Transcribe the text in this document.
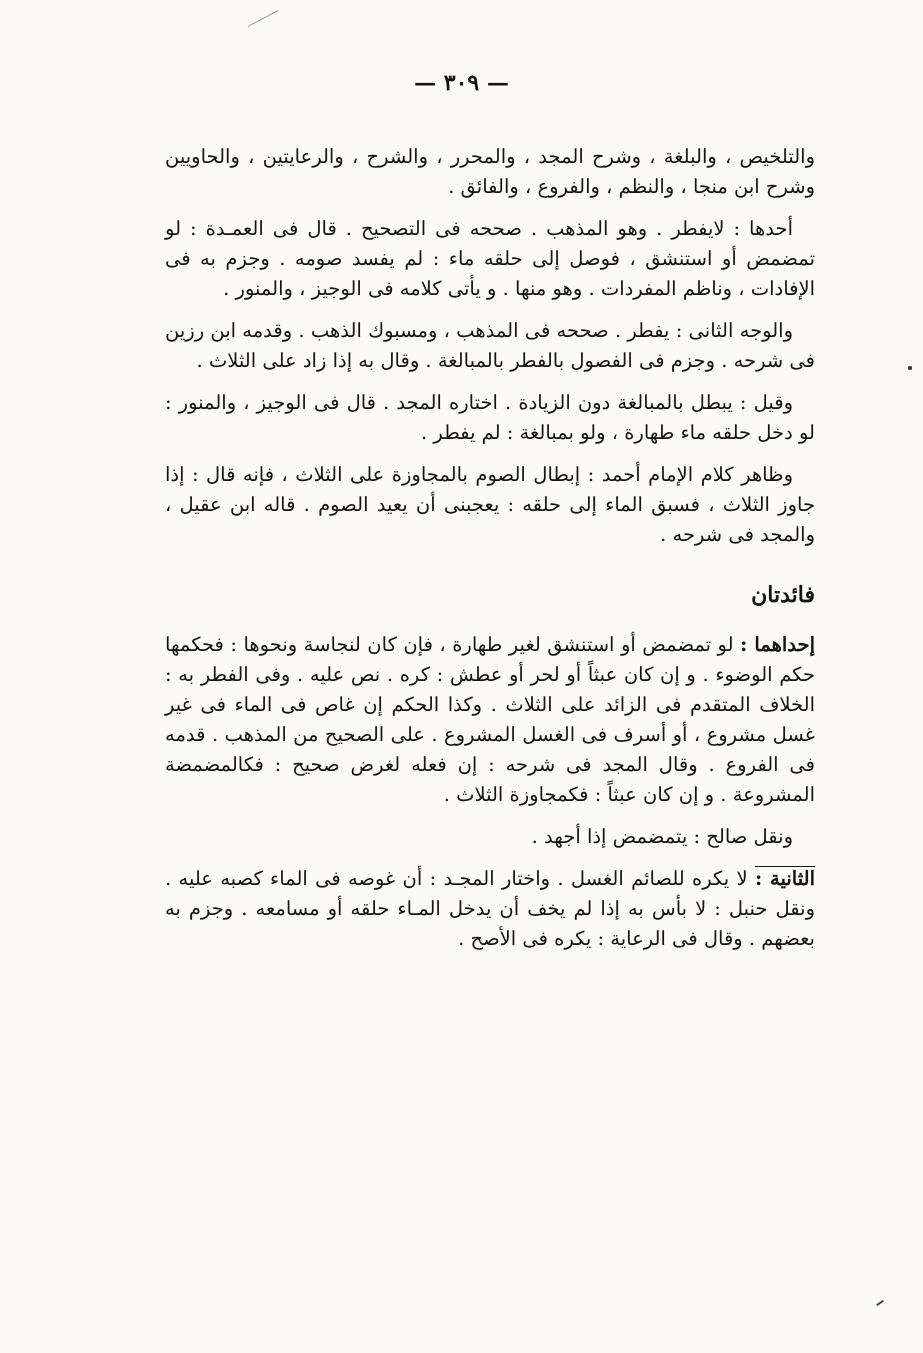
— ٣٠٩ —

والتلخيص ، والبلغة ، وشرح المجد ، والمحرر ، والشرح ، والرعايتين ، والحاويين وشرح ابن منجا ، والنظم ، والفروع ، والفائق .

أحدها : لايفطر . وهو المذهب . صححه فى التصحيح . قال فى العمـدة : لو تمضمض أو استنشق ، فوصل إلى حلقه ماء : لم يفسد صومه . وجزم به فى الإفادات ، وناظم المفردات . وهو منها . و يأتى كلامه فى الوجيز ، والمنور .

والوجه الثانى : يفطر . صححه فى المذهب ، ومسبوك الذهب . وقدمه ابن رزين فى شرحه . وجزم فى الفصول بالفطر بالمبالغة . وقال به إذا زاد على الثلاث .

وقيل : يبطل بالمبالغة دون الزيادة . اختاره المجد . قال فى الوجيز ، والمنور : لو دخل حلقه ماء طهارة ، ولو بمبالغة : لم يفطر .

وظاهر كلام الإمام أحمد : إبطال الصوم بالمجاوزة على الثلاث ، فإنه قال : إذا جاوز الثلاث ، فسبق الماء إلى حلقه : يعجبنى أن يعيد الصوم . قاله ابن عقيل ، والمجد فى شرحه .

فائدتان

إحداهما : لو تمضمض أو استنشق لغير طهارة ، فإن كان لنجاسة ونحوها : فحكمها حكم الوضوء . و إن كان عبثاً أو لحر أو عطش : كره . نص عليه . وفى الفطر به : الخلاف المتقدم فى الزائد على الثلاث . وكذا الحكم إن غاص فى الماء فى غير غسل مشروع ، أو أسرف فى الغسل المشروع . على الصحيح من المذهب . قدمه فى الفروع . وقال المجد فى شرحه : إن فعله لغرض صحيح : فكالمضمضة المشروعة . و إن كان عبثاً : فكمجاوزة الثلاث .

ونقل صالح : يتمضمض إذا أجهد .

الثانية : لا يكره للصائم الغسل . واختار المجـد : أن غوصه فى الماء كصبه عليه . ونقل حنبل : لا بأس به إذا لم يخف أن يدخل المـاء حلقه أو مسامعه . وجزم به بعضهم . وقال فى الرعاية : يكره فى الأصح .
